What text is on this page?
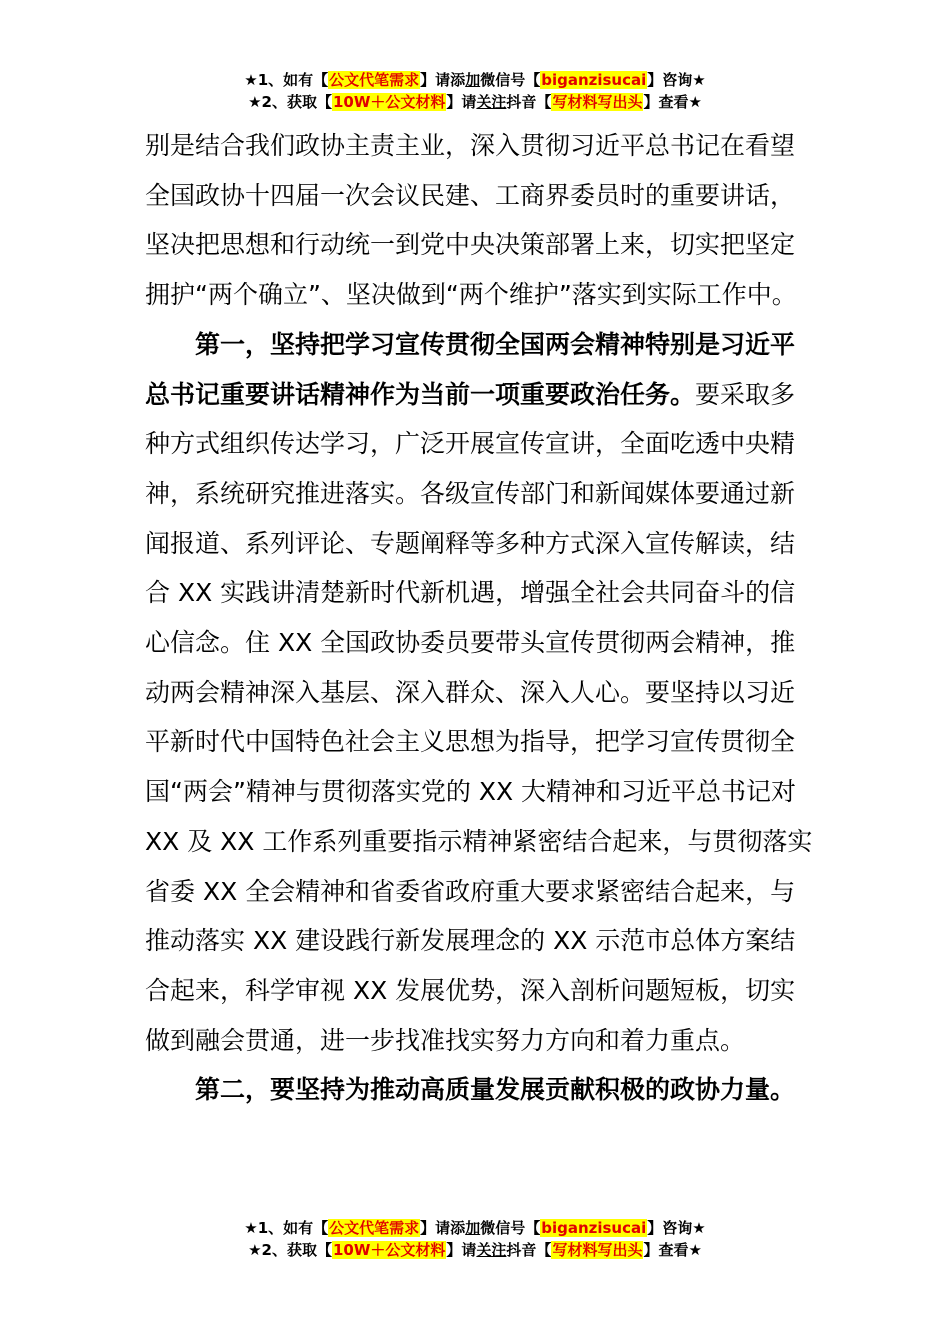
★1、如有【公文代笔需求】请添加微信号【biganzisucai】咨询★
★2、获取【10W＋公文材料】请关注抖音【写材料写出头】查看★

别是结合我们政协主责主业，深入贯彻习近平总书记在看望全国政协十四届一次会议民建、工商界委员时的重要讲话，坚决把思想和行动统一到党中央决策部署上来，切实把坚定拥护“两个确立”、坚决做到“两个维护”落实到实际工作中。

第一，坚持把学习宣传贯彻全国两会精神特别是习近平总书记重要讲话精神作为当前一项重要政治任务。要采取多种方式组织传达学习，广泛开展宣传宣讲，全面吃透中央精神，系统研究推进落实。各级宣传部门和新闻媒体要通过新闻报道、系列评论、专题阐释等多种方式深入宣传解读，结合 XX 实践讲清楚新时代新机遇，增强全社会共同奋斗的信心信念。住 XX 全国政协委员要带头宣传贯彻两会精神，推动两会精神深入基层、深入群众、深入人心。要坚持以习近平新时代中国特色社会主义思想为指导，把学习宣传贯彻全国“两会”精神与贯彻落实党的 XX 大精神和习近平总书记对 XX 及 XX 工作系列重要指示精神紧密结合起来，与贯彻落实省委 XX 全会精神和省委省政府重大要求紧密结合起来，与推动落实 XX 建设践行新发展理念的 XX 示范市总体方案结合起来，科学审视 XX 发展优势，深入剖析问题短板，切实做到融会贯通，进一步找准找实努力方向和着力重点。

第二，要坚持为推动高质量发展贡献积极的政协力量。

★1、如有【公文代笔需求】请添加微信号【biganzisucai】咨询★
★2、获取【10W＋公文材料】请关注抖音【写材料写出头】查看★
